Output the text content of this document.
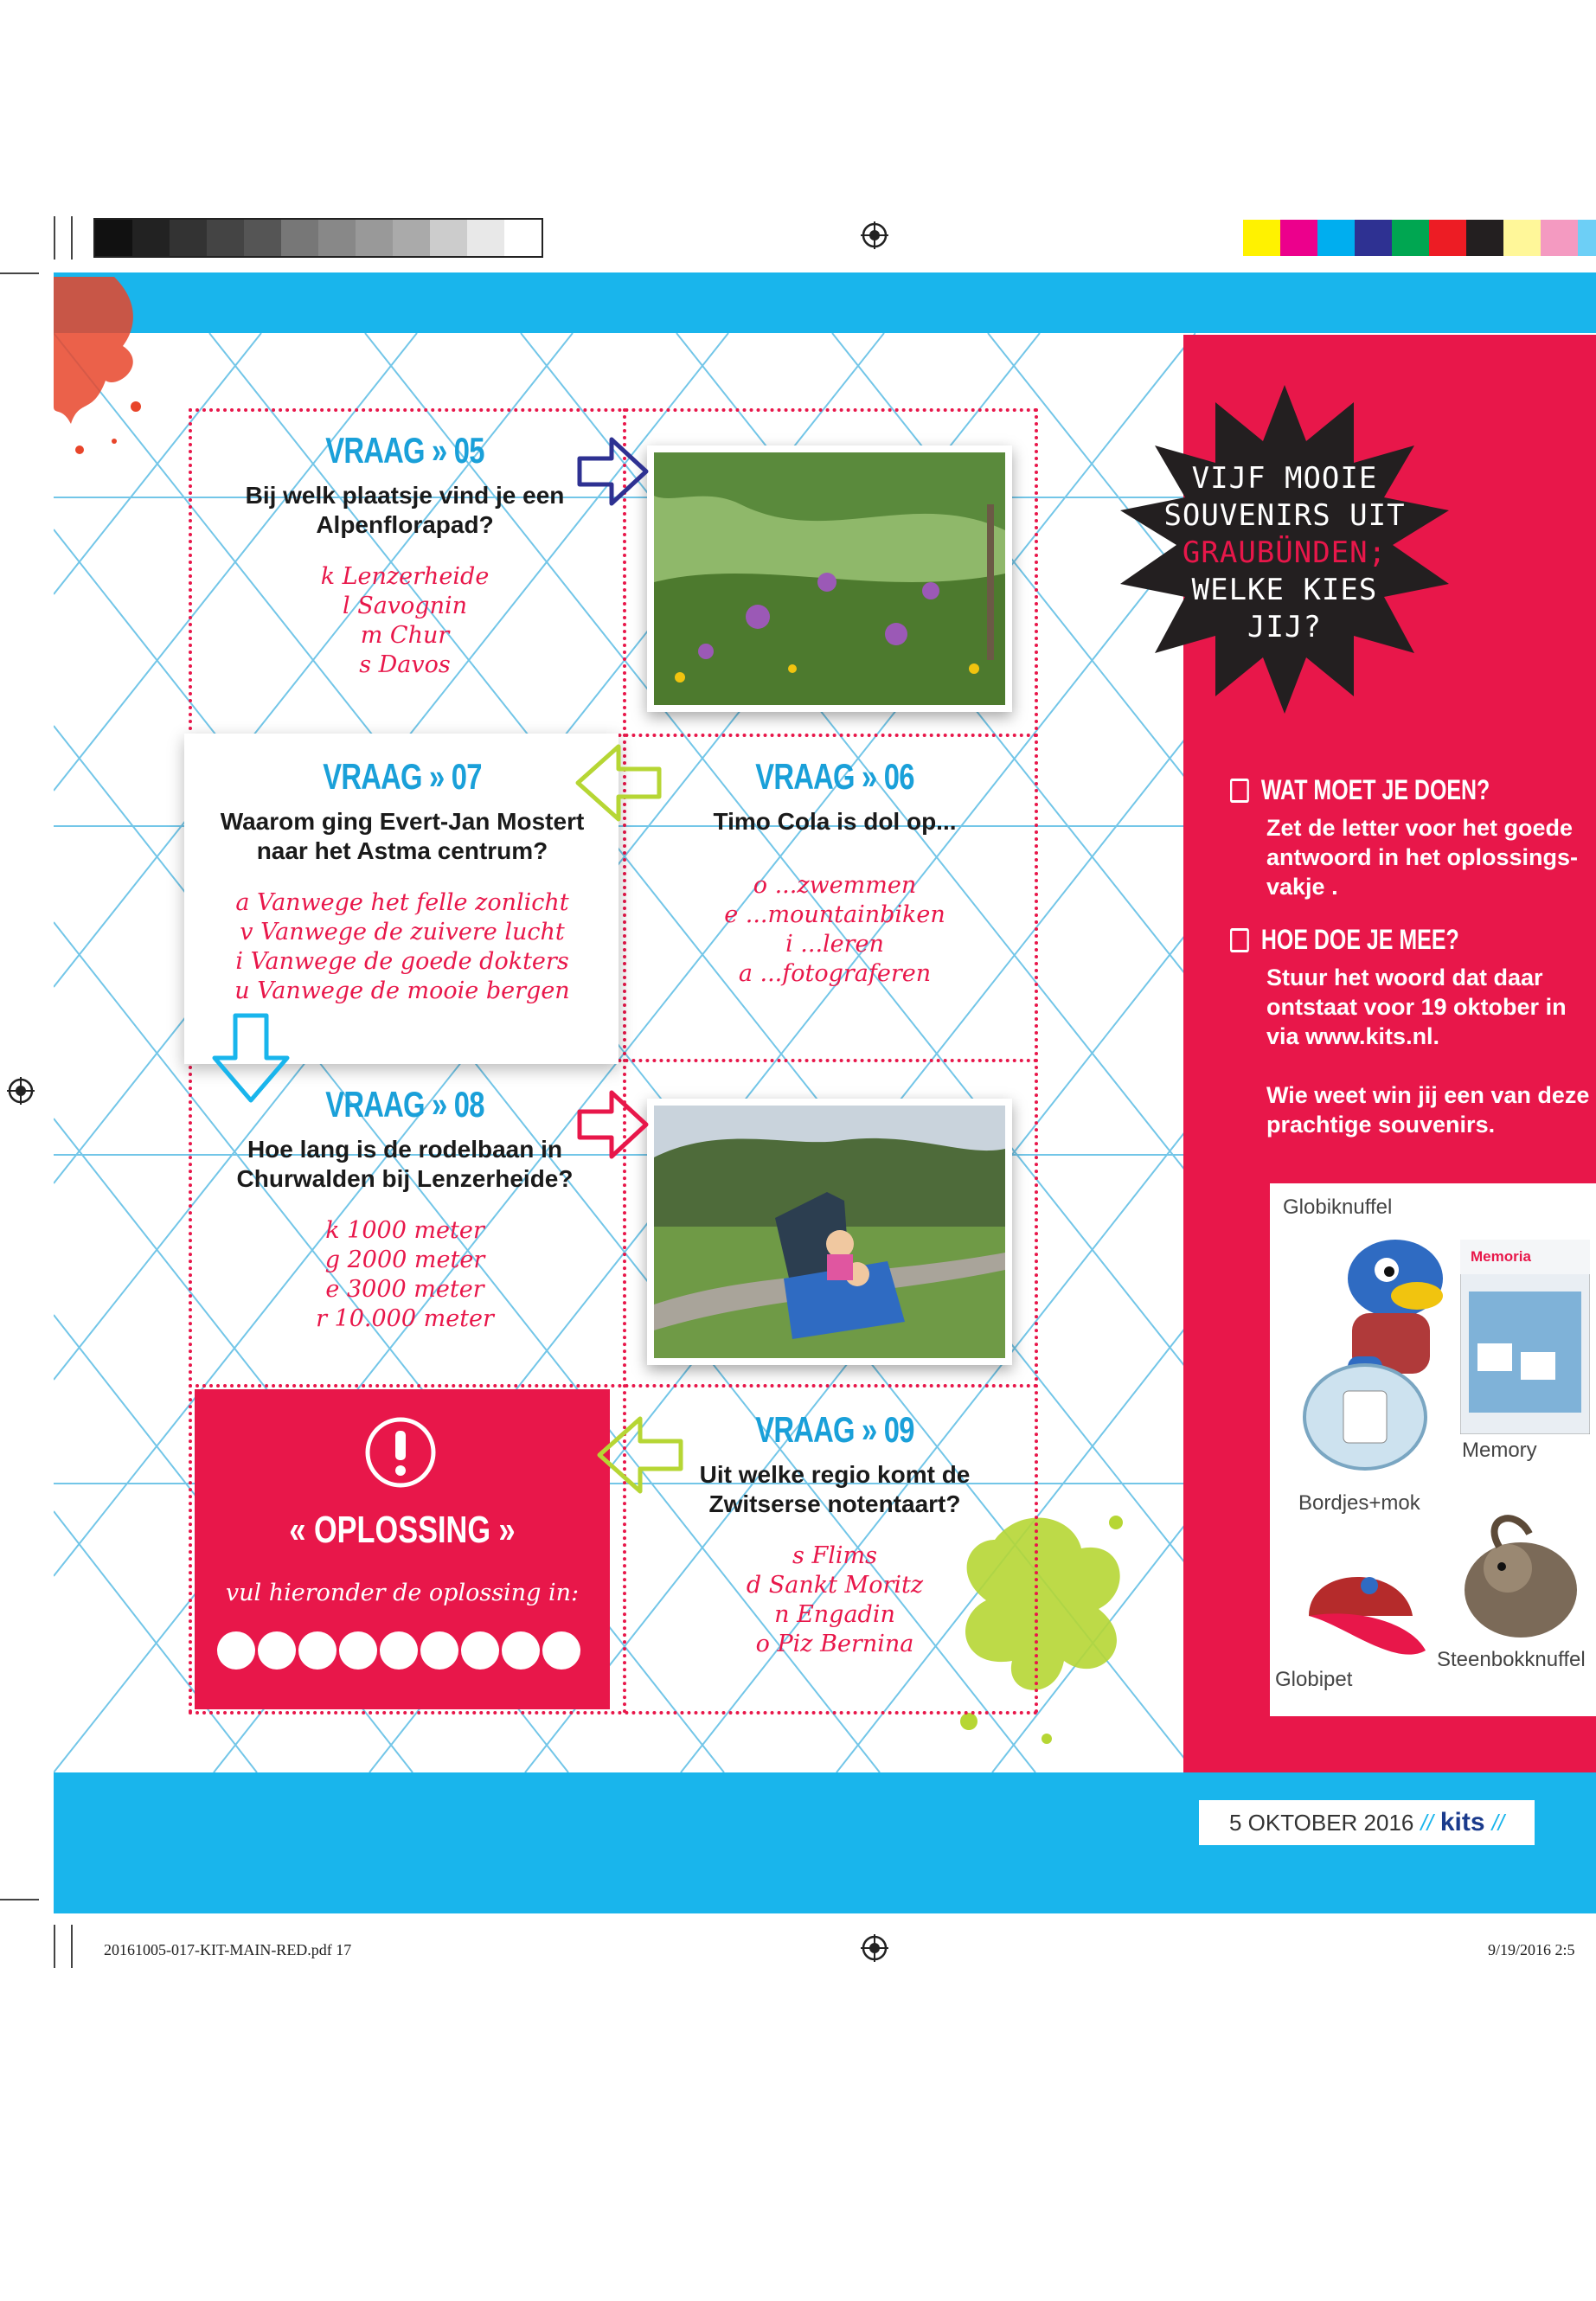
VRAAG » 05
Bij welk plaatsje vind je een Alpenflorapad?
k Lenzerheide
l Savognin
m Chur
s Davos
VRAAG » 07
Waarom ging Evert-Jan Mostert naar het Astma centrum?
a Vanwege het felle zonlicht
v Vanwege de zuivere lucht
i Vanwege de goede dokters
u Vanwege de mooie bergen
VRAAG » 06
Timo Cola is dol op...
o ...zwemmen
e ...mountainbiken
i ...leren
a ...fotograferen
VRAAG » 08
Hoe lang is de rodelbaan in Churwalden bij Lenzerheide?
k 1000 meter
g 2000 meter
e 3000 meter
r 10.000 meter
« OPLOSSING »
vul hieronder de oplossing in:
VRAAG » 09
Uit welke regio komt de Zwitserse notentaart?
s Flims
d Sankt Moritz
n Engadin
o Piz Bernina
VIJF MOOIE
SOUVENIRS UIT
GRAUBÜNDEN;
WELKE KIES
JIJ?
WAT MOET JE DOEN?
Zet de letter voor het goede antwoord in het oplossings- vakje .
HOE DOE JE MEE?
Stuur het woord dat daar ontstaat voor 19 oktober in via www.kits.nl.
Wie weet win jij een van deze prachtige souvenirs.
Globiknuffel
Memoria
Memory
Bordjes+mok
Globipet
Steenbokknuffel
5 OKTOBER 2016 // kits //
20161005-017-KIT-MAIN-RED.pdf 17	9/19/2016 2:5
